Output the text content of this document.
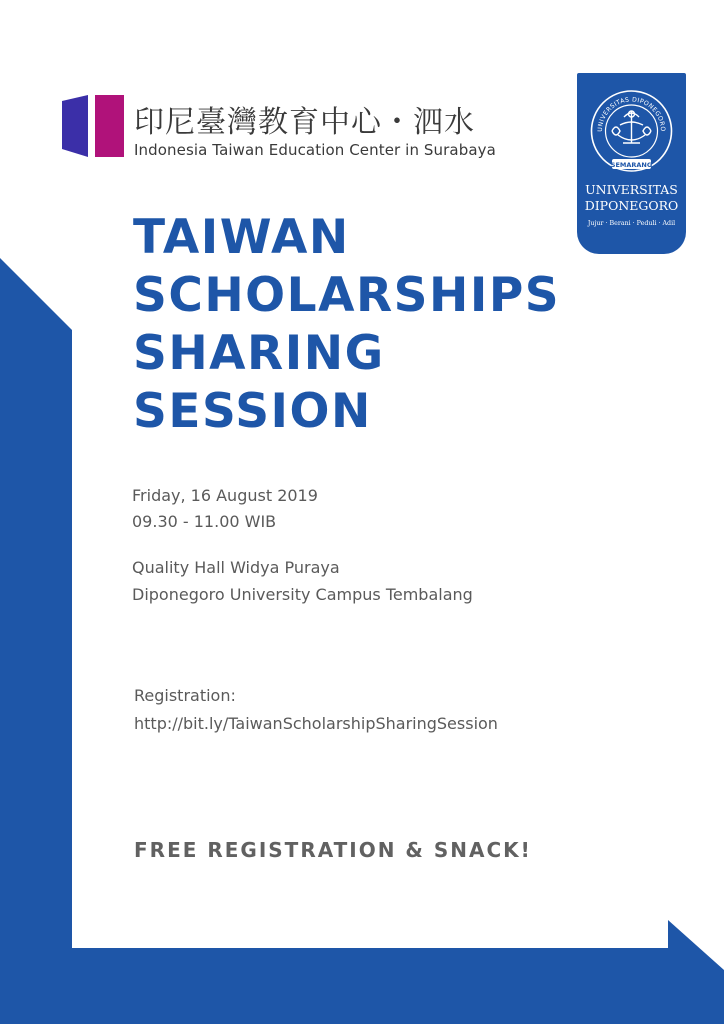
印尼臺灣教育中心・泗水
Indonesia Taiwan Education Center in Surabaya
UNIVERSITAS DIPONEGORO
SEMARANG
UNIVERSITAS
DIPONEGORO
Jujur · Berani · Peduli · Adil
TAIWAN
SCHOLARSHIPS
SHARING
SESSION
Friday, 16 August 2019
09.30 - 11.00 WIB
Quality Hall Widya Puraya
Diponegoro University Campus Tembalang
Registration:
http://bit.ly/TaiwanScholarshipSharingSession
FREE REGISTRATION & SNACK!
